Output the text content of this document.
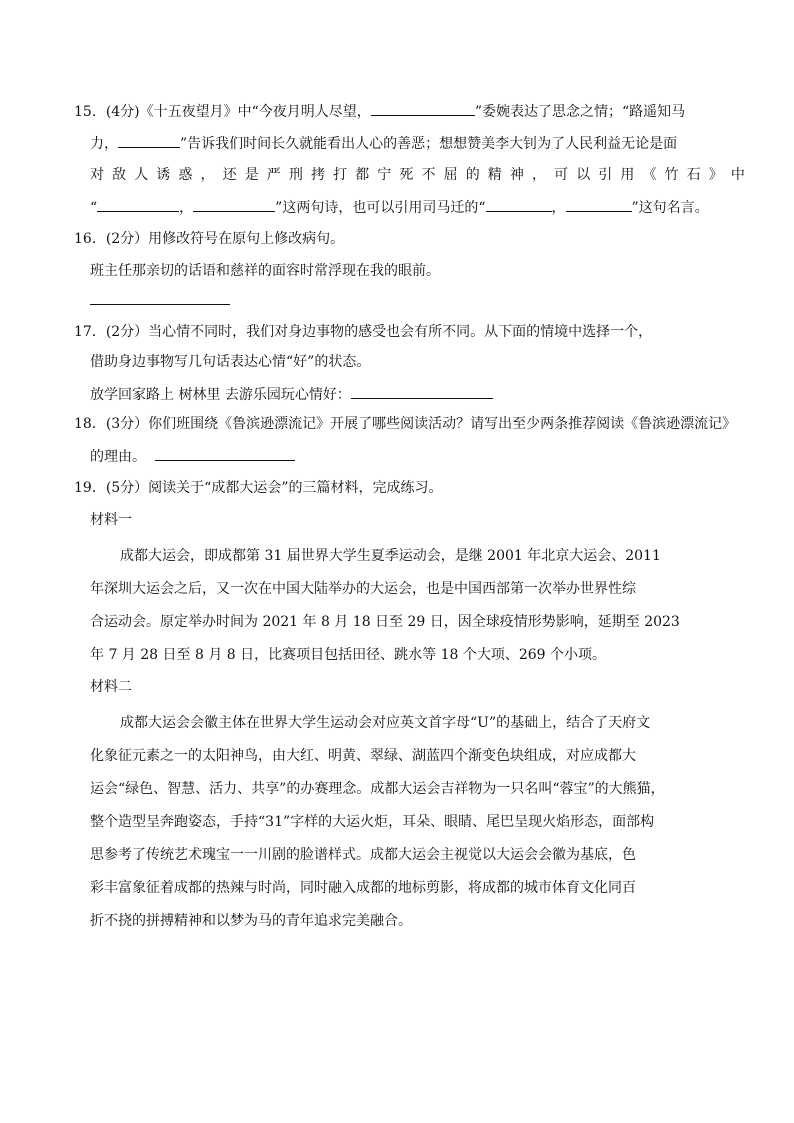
15．(4分)《十五夜望月》中“今夜月明人尽望，	”委婉表达了思念之情；“路遥知马
力，	”告诉我们时间长久就能看出人心的善恶；想想赞美李大钊为了人民利益无论是面
对敌人诱惑，还是严刑拷打都宁死不屈的精神，可以引用《竹石》中
“	，	”这两句诗，也可以引用司马迁的“	，	”这句名言。
16．(2分）用修改符号在原句上修改病句。
班主任那亲切的话语和慈祥的面容时常浮现在我的眼前。
17．(2分）当心情不同时，我们对身边事物的感受也会有所不同。从下面的情境中选择一个，
借助身边事物写几句话表达心情“好”的状态。
放学回家路上 树林里 去游乐园玩心情好：
18．(3分）你们班围绕《鲁滨逊漂流记》开展了哪些阅读活动？请写出至少两条推荐阅读《鲁滨逊漂流记》
的理由。
19．(5分）阅读关于“成都大运会”的三篇材料，完成练习。
材料一
成都大运会，即成都第 31 届世界大学生夏季运动会，是继 2001 年北京大运会、2011
年深圳大运会之后，又一次在中国大陆举办的大运会，也是中国西部第一次举办世界性综
合运动会。原定举办时间为 2021 年 8 月 18 日至 29 日，因全球疫情形势影响，延期至 2023
年 7 月 28 日至 8 月 8 日，比赛项目包括田径、跳水等 18 个大项、269 个小项。
材料二
成都大运会会徽主体在世界大学生运动会对应英文首字母“U”的基础上，结合了天府文
化象征元素之一的太阳神鸟，由大红、明黄、翠绿、湖蓝四个渐变色块组成，对应成都大
运会“绿色、智慧、活力、共享”的办赛理念。成都大运会吉祥物为一只名叫“蓉宝”的大熊猫，
整个造型呈奔跑姿态，手持“31”字样的大运火炬，耳朵、眼睛、尾巴呈现火焰形态，面部构
思参考了传统艺术瑰宝一一川剧的脸谱样式。成都大运会主视觉以大运会会徽为基底，色
彩丰富象征着成都的热辣与时尚，同时融入成都的地标剪影，将成都的城市体育文化同百
折不挠的拼搏精神和以梦为马的青年追求完美融合。
